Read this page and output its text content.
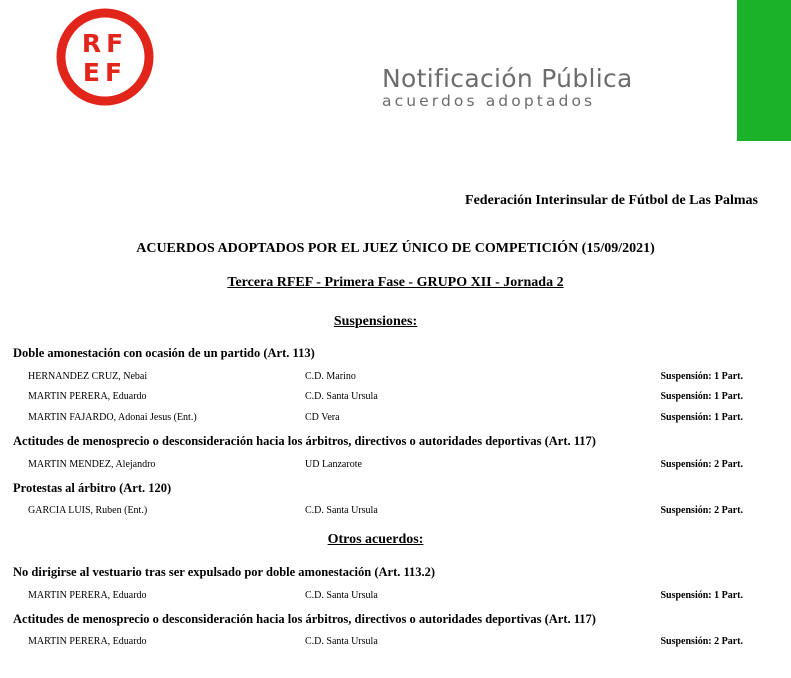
RF
EF	Notificación Pública
acuerdos adoptados
Federación Interinsular de Fútbol de Las Palmas
ACUERDOS ADOPTADOS POR EL JUEZ ÚNICO DE COMPETICIÓN (15/09/2021)
Tercera RFEF - Primera Fase - GRUPO XII - Jornada 2
Suspensiones:
Doble amonestación con ocasión de un partido (Art. 113)
HERNANDEZ CRUZ, Nebai	C.D. Marino	Suspensión: 1 Part.
MARTIN PERERA, Eduardo	C.D. Santa Ursula	Suspensión: 1 Part.
MARTIN FAJARDO, Adonai Jesus (Ent.)	CD Vera	Suspensión: 1 Part.
Actitudes de menosprecio o desconsideración hacia los árbitros, directivos o autoridades deportivas (Art. 117)
MARTIN MENDEZ, Alejandro	UD Lanzarote	Suspensión: 2 Part.
Protestas al árbitro (Art. 120)
GARCIA LUIS, Ruben (Ent.)	C.D. Santa Ursula	Suspensión: 2 Part.
Otros acuerdos:
No dirigirse al vestuario tras ser expulsado por doble amonestación (Art. 113.2)
MARTIN PERERA, Eduardo	C.D. Santa Ursula	Suspensión: 1 Part.
Actitudes de menosprecio o desconsideración hacia los árbitros, directivos o autoridades deportivas (Art. 117)
MARTIN PERERA, Eduardo	C.D. Santa Ursula	Suspensión: 2 Part.
